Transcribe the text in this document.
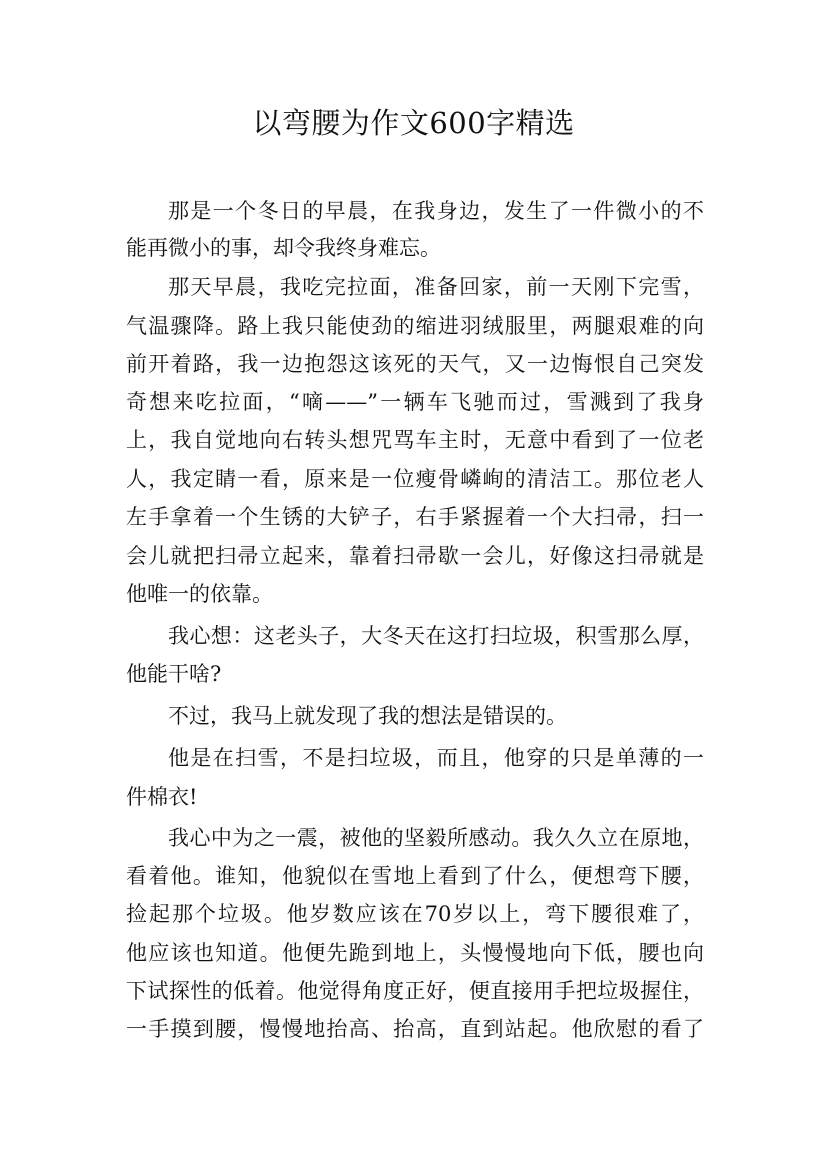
以弯腰为作文600字精选
那是一个冬日的早晨，在我身边，发生了一件微小的不
能再微小的事，却令我终身难忘。
那天早晨，我吃完拉面，准备回家，前一天刚下完雪，
气温骤降。路上我只能使劲的缩进羽绒服里，两腿艰难的向
前开着路，我一边抱怨这该死的天气，又一边悔恨自己突发
奇想来吃拉面，“嘀——”一辆车飞驰而过，雪溅到了我身
上，我自觉地向右转头想咒骂车主时，无意中看到了一位老
人，我定睛一看，原来是一位瘦骨嶙峋的清洁工。那位老人
左手拿着一个生锈的大铲子，右手紧握着一个大扫帚，扫一
会儿就把扫帚立起来，靠着扫帚歇一会儿，好像这扫帚就是
他唯一的依靠。
我心想：这老头子，大冬天在这打扫垃圾，积雪那么厚，
他能干啥?
不过，我马上就发现了我的想法是错误的。
他是在扫雪，不是扫垃圾，而且，他穿的只是单薄的一
件棉衣!
我心中为之一震，被他的坚毅所感动。我久久立在原地，
看着他。谁知，他貌似在雪地上看到了什么，便想弯下腰，
捡起那个垃圾。他岁数应该在70岁以上，弯下腰很难了，
他应该也知道。他便先跪到地上，头慢慢地向下低，腰也向
下试探性的低着。他觉得角度正好，便直接用手把垃圾握住，
一手摸到腰，慢慢地抬高、抬高，直到站起。他欣慰的看了
